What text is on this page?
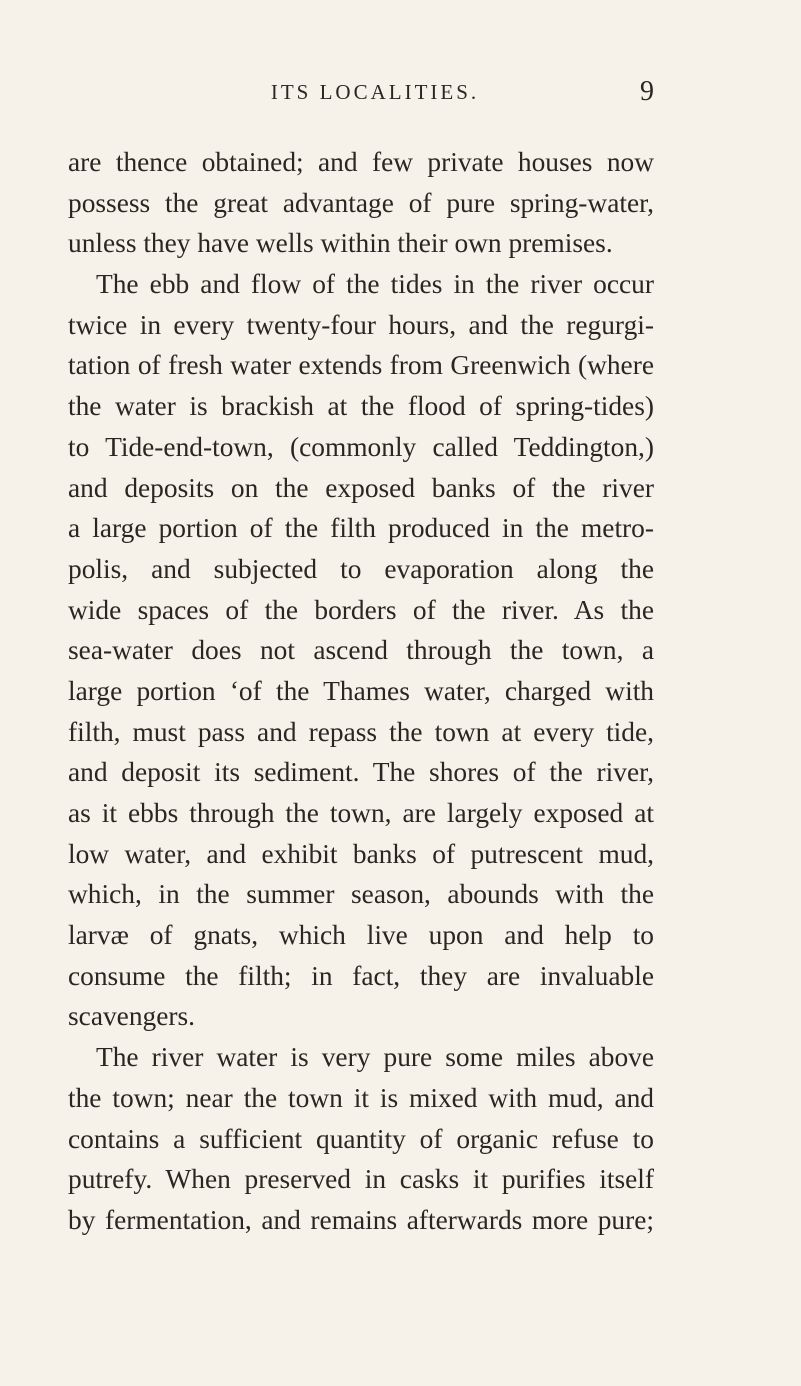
ITS LOCALITIES.	9
are thence obtained; and few private houses now
possess the great advantage of pure spring-water,
unless they have wells within their own premises.
The ebb and flow of the tides in the river occur
twice in every twenty-four hours, and the regurgi-
tation of fresh water extends from Greenwich (where
the water is brackish at the flood of spring-tides)
to Tide-end-town, (commonly called Teddington,)
and deposits on the exposed banks of the river
a large portion of the filth produced in the metro-
polis, and subjected to evaporation along the
wide spaces of the borders of the river. As the
sea-water does not ascend through the town, a
large portion ‘of the Thames water, charged with
filth, must pass and repass the town at every tide,
and deposit its sediment. The shores of the river,
as it ebbs through the town, are largely exposed at
low water, and exhibit banks of putrescent mud,
which, in the summer season, abounds with the
larvæ of gnats, which live upon and help to
consume the filth; in fact, they are invaluable
scavengers.
The river water is very pure some miles above
the town; near the town it is mixed with mud, and
contains a sufficient quantity of organic refuse to
putrefy. When preserved in casks it purifies itself
by fermentation, and remains afterwards more pure;
